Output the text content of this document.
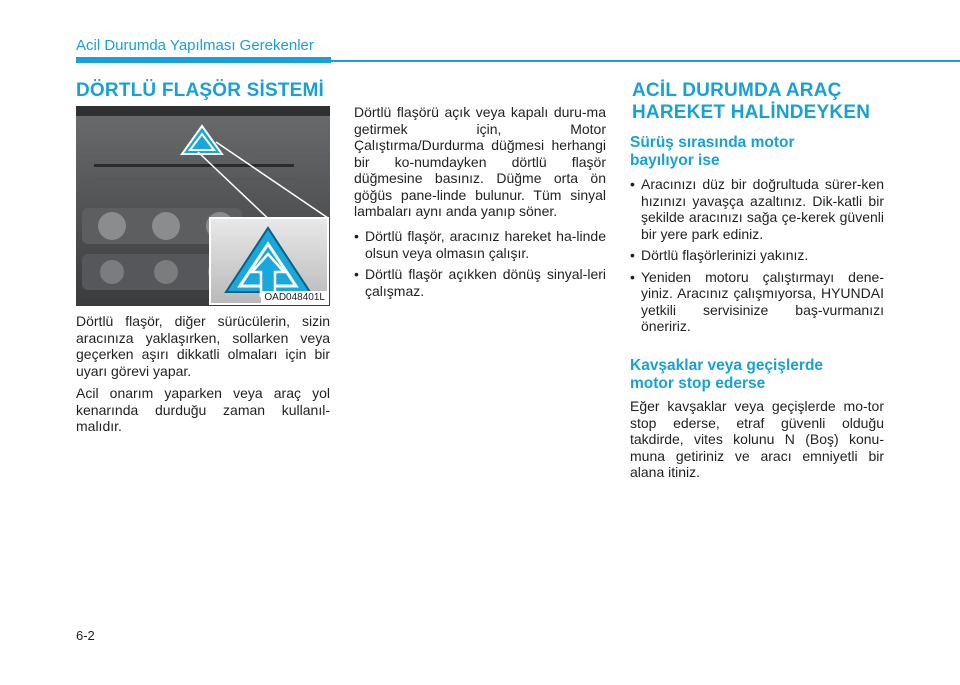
Acil Durumda Yapılması Gerekenler
DÖRTLÜ FLAŞÖR SİSTEMİ
OAD048401L

Dörtlü flaşör, diğer sürücülerin, sizin aracınıza yaklaşırken, sollarken veya geçerken aşırı dikkatli olmaları için bir uyarı görevi yapar.

Acil onarım yaparken veya araç yol kenarında durduğu zaman kullanıl-malıdır.

Dörtlü flaşörü açık veya kapalı duru-ma getirmek için, Motor Çalıştırma/Durdurma düğmesi herhangi bir ko-numdayken dörtlü flaşör düğmesine basınız. Düğme orta ön göğüs pane-linde bulunur. Tüm sinyal lambaları aynı anda yanıp söner.

• Dörtlü flaşör, aracınız hareket ha-linde olsun veya olmasın çalışır.
• Dörtlü flaşör açıkken dönüş sinyal-leri çalışmaz.
ACİL DURUMDA ARAÇ
HAREKET HALİNDEYKEN
Sürüş sırasında motor
bayılıyor ise
• Aracınızı düz bir doğrultuda sürer-ken hızınızı yavaşça azaltınız. Dik-katli bir şekilde aracınızı sağa çe-kerek güvenli bir yere park ediniz.
• Dörtlü flaşörlerinizi yakınız.
• Yeniden motoru çalıştırmayı dene-yiniz. Aracınız çalışmıyorsa, HYUNDAI yetkili servisinize baş-vurmanızı öneririz.
Kavşaklar veya geçişlerde
motor stop ederse

Eğer kavşaklar veya geçişlerde mo-tor stop ederse, etraf güvenli olduğu takdirde, vites kolunu N (Boş) konu-muna getiriniz ve aracı emniyetli bir alana itiniz.

6-2
